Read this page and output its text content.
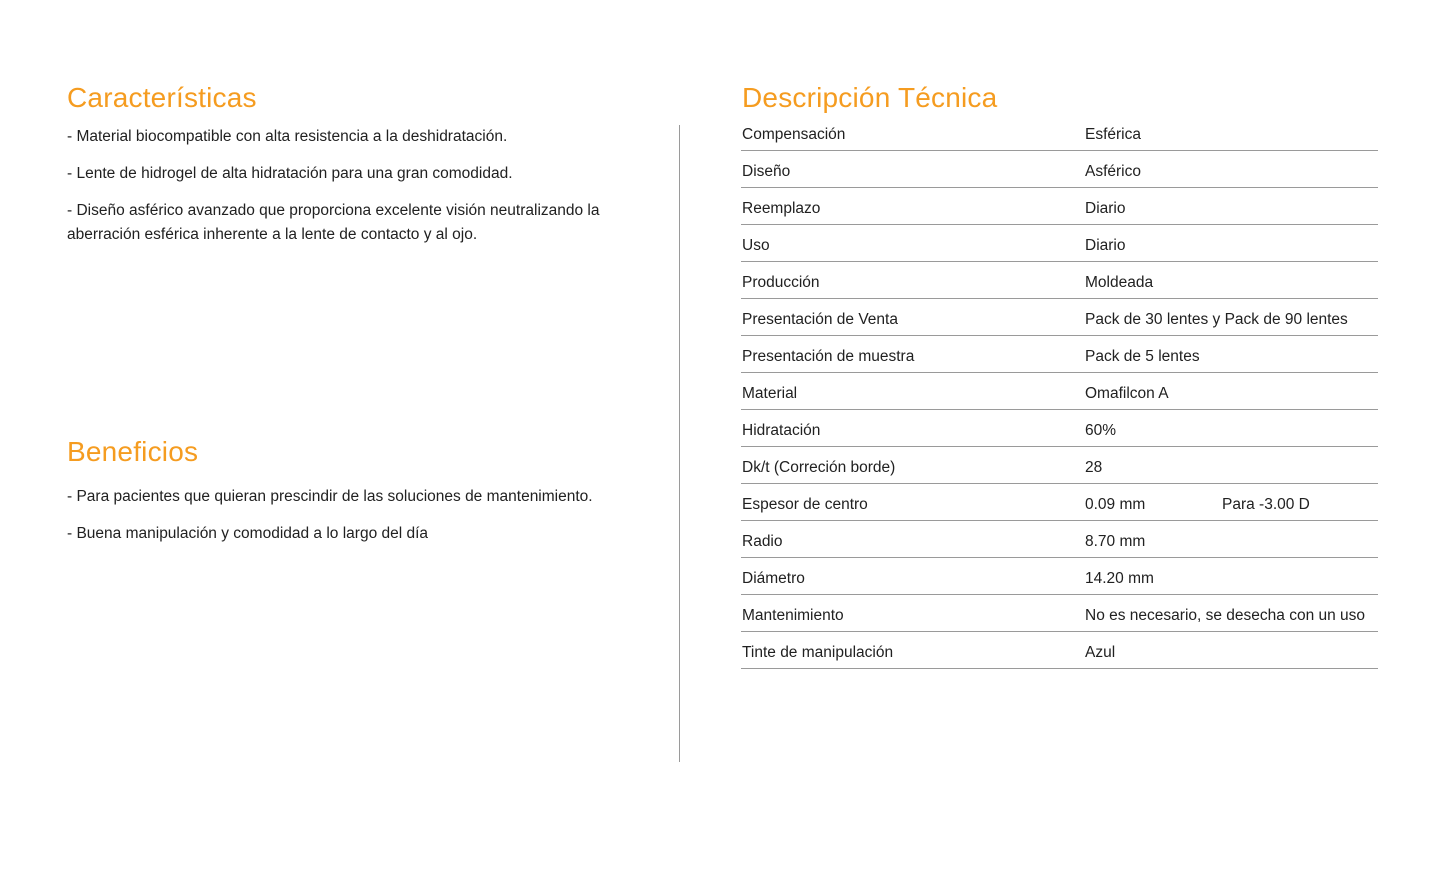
Características

- Material biocompatible con alta resistencia a la deshidratación.

- Lente de hidrogel de alta hidratación para una gran comodidad.

- Diseño asférico avanzado que proporciona excelente visión neutralizando la aberración esférica inherente a la lente de contacto y al ojo.

Beneficios

- Para pacientes que quieran prescindir de las soluciones de mantenimiento.

- Buena manipulación y comodidad a lo largo del día

Descripción Técnica
Compensación	Esférica
Diseño	Asférico
Reemplazo	Diario
Uso	Diario
Producción	Moldeada
Presentación de Venta	Pack de 30 lentes y Pack de 90 lentes
Presentación de muestra	Pack de 5 lentes
Material	Omafilcon A
Hidratación	60%
Dk/t (Correción borde)	28
Espesor de centro	0.09 mm	Para -3.00 D
Radio	8.70 mm
Diámetro	14.20 mm
Mantenimiento	No es necesario, se desecha con un uso
Tinte de manipulación	Azul
